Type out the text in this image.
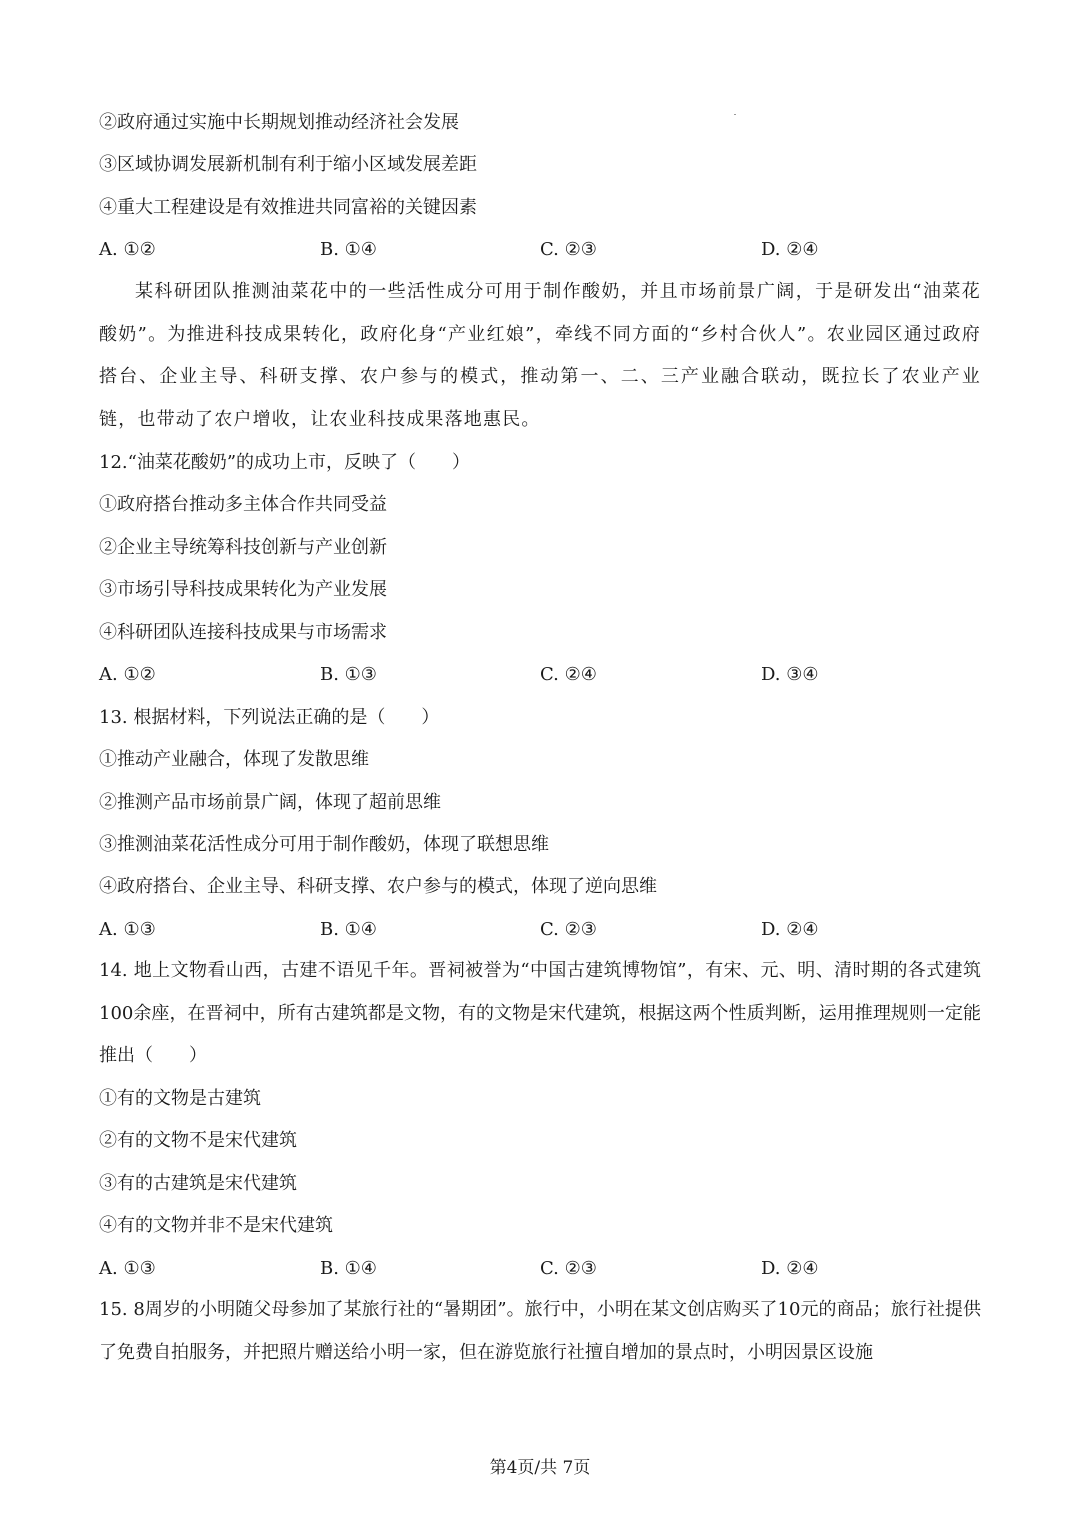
②政府通过实施中长期规划推动经济社会发展
③区域协调发展新机制有利于缩小区域发展差距
④重大工程建设是有效推进共同富裕的关键因素
A. ①②	B. ①④	C. ②③	D. ②④

某科研团队推测油菜花中的一些活性成分可用于制作酸奶，并且市场前景广阔，于是研发出“油菜花酸奶”。为推进科技成果转化，政府化身“产业红娘”，牵线不同方面的“乡村合伙人”。农业园区通过政府搭台、企业主导、科研支撑、农户参与的模式，推动第一、二、三产业融合联动，既拉长了农业产业链，也带动了农户增收，让农业科技成果落地惠民。

12.“油菜花酸奶”的成功上市，反映了（　　）
①政府搭台推动多主体合作共同受益
②企业主导统筹科技创新与产业创新
③市场引导科技成果转化为产业发展
④科研团队连接科技成果与市场需求
A. ①②	B. ①③	C. ②④	D. ③④
13. 根据材料，下列说法正确的是（　　）
①推动产业融合，体现了发散思维
②推测产品市场前景广阔，体现了超前思维
③推测油菜花活性成分可用于制作酸奶，体现了联想思维
④政府搭台、企业主导、科研支撑、农户参与的模式，体现了逆向思维
A. ①③	B. ①④	C. ②③	D. ②④

14. 地上文物看山西，古建不语见千年。晋祠被誉为“中国古建筑博物馆”，有宋、元、明、清时期的各式建筑100余座，在晋祠中，所有古建筑都是文物，有的文物是宋代建筑，根据这两个性质判断，运用推理规则一定能推出（　　）

①有的文物是古建筑
②有的文物不是宋代建筑
③有的古建筑是宋代建筑
④有的文物并非不是宋代建筑
A. ①③	B. ①④	C. ②③	D. ②④

15. 8周岁的小明随父母参加了某旅行社的“暑期团”。旅行中，小明在某文创店购买了10元的商品；旅行社提供了免费自拍服务，并把照片赠送给小明一家，但在游览旅行社擅自增加的景点时，小明因景区设施

第4页/共 7页
